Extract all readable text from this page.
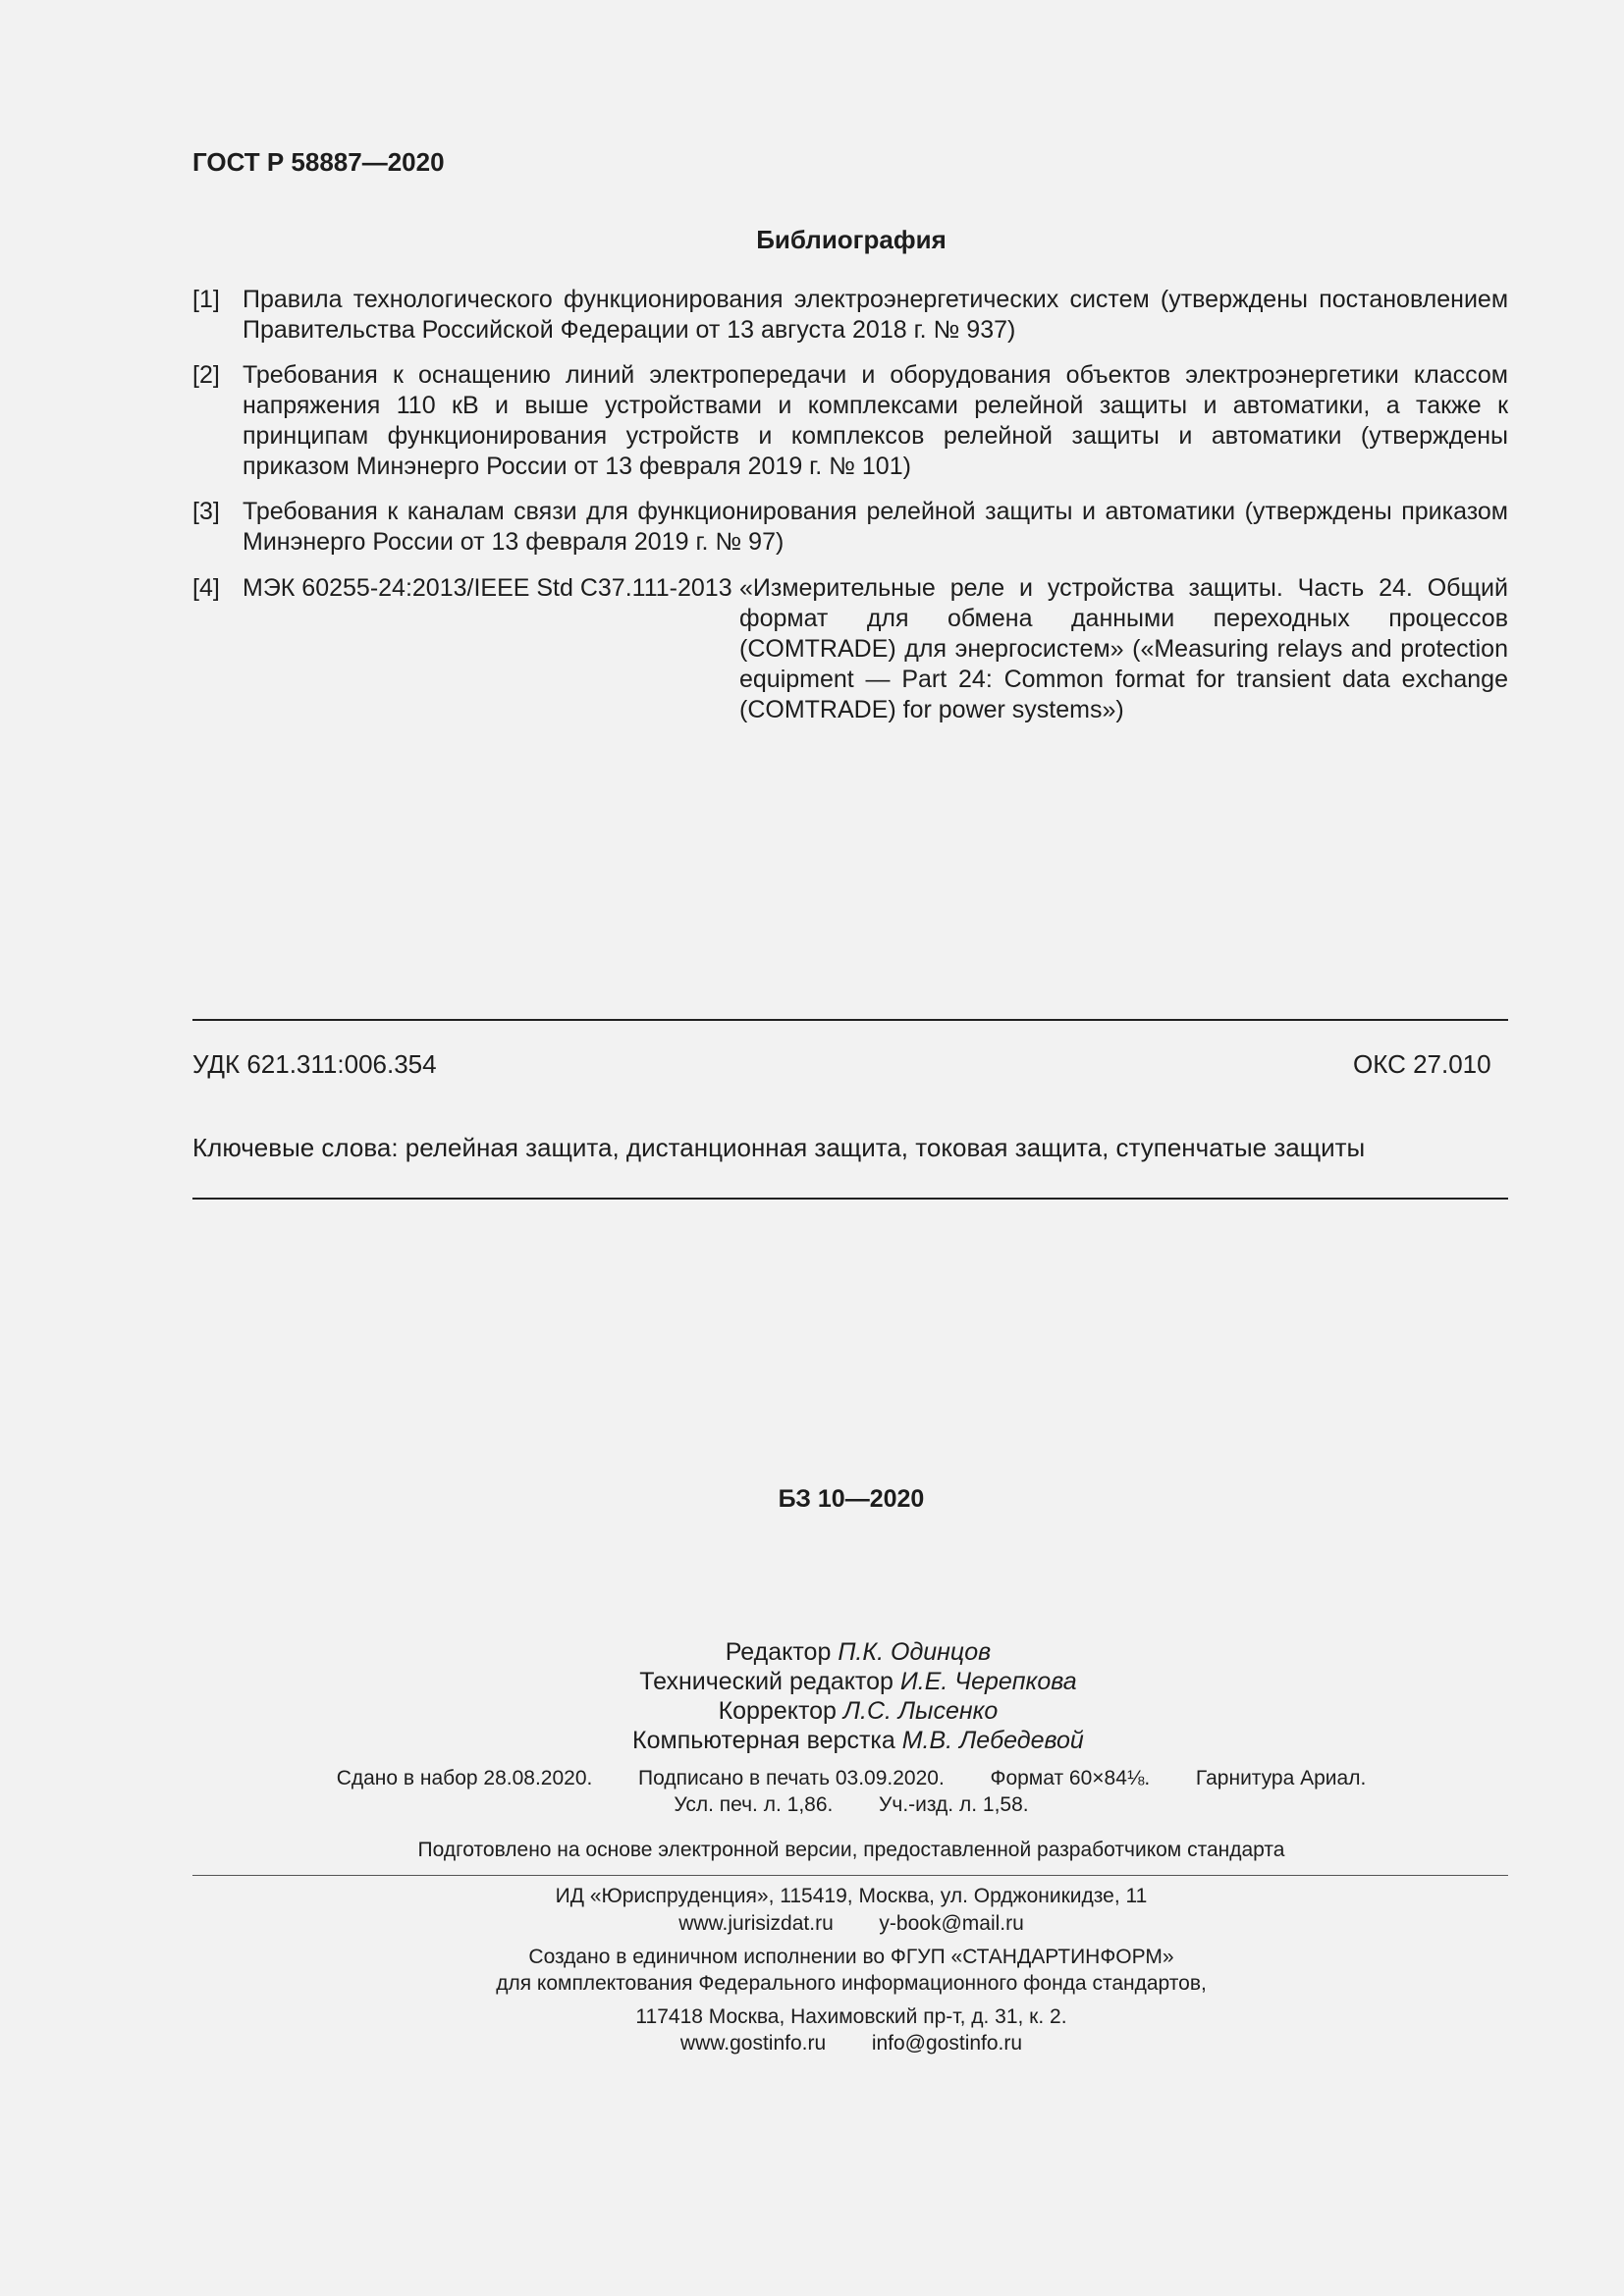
ГОСТ Р 58887—2020
Библиография
[1] Правила технологического функционирования электроэнергетических систем (утверждены постановлением Правительства Российской Федерации от 13 августа 2018 г. № 937)
[2] Требования к оснащению линий электропередачи и оборудования объектов электроэнергетики классом напряжения 110 кВ и выше устройствами и комплексами релейной защиты и автоматики, а также к принципам функционирования устройств и комплексов релейной защиты и автоматики (утверждены приказом Минэнерго России от 13 февраля 2019 г. № 101)
[3] Требования к каналам связи для функционирования релейной защиты и автоматики (утверждены приказом Минэнерго России от 13 февраля 2019 г. № 97)
[4] МЭК 60255-24:2013/IEEE Std C37.111-2013 «Измерительные реле и устройства защиты. Часть 24. Общий формат для обмена данными переходных процессов (COMTRADE) для энергосистем» («Measuring relays and protection equipment — Part 24: Common format for transient data exchange (COMTRADE) for power systems»)
УДК 621.311:006.354	ОКС 27.010
Ключевые слова: релейная защита, дистанционная защита, токовая защита, ступенчатые защиты
БЗ 10—2020

Редактор П.К. Одинцов

Технический редактор И.Е. Черепкова

Корректор Л.С. Лысенко

Компьютерная верстка М.В. Лебедевой

Сдано в набор 28.08.2020.        Подписано в печать 03.09.2020.        Формат 60×84⅛.        Гарнитура Ариал.
Усл. печ. л. 1,86.        Уч.-изд. л. 1,58.
Подготовлено на основе электронной версии, предоставленной разработчиком стандарта
ИД «Юриспруденция», 115419, Москва, ул. Орджоникидзе, 11
www.jurisizdat.ru        y-book@mail.ru
Создано в единичном исполнении во ФГУП «СТАНДАРТИНФОРМ»
для комплектования Федерального информационного фонда стандартов,
117418 Москва, Нахимовский пр-т, д. 31, к. 2.
www.gostinfo.ru        info@gostinfo.ru
